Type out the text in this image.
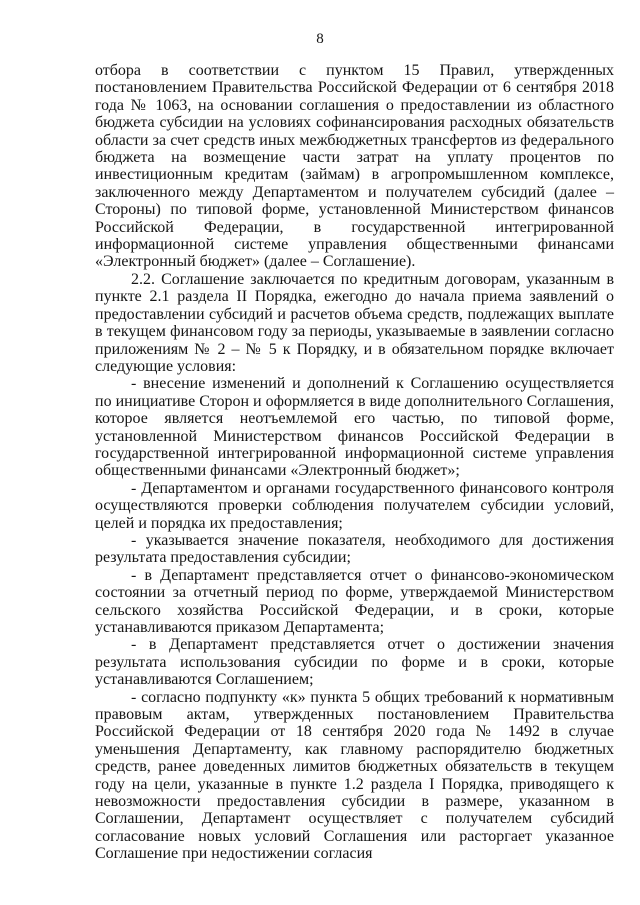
8

отбора в соответствии с пунктом 15 Правил, утвержденных постановлением Правительства Российской Федерации от 6 сентября 2018 года № 1063, на основании соглашения о предоставлении из областного бюджета субсидии на условиях софинансирования расходных обязательств области за счет средств иных межбюджетных трансфертов из федерального бюджета на возмещение части затрат на уплату процентов по инвестиционным кредитам (займам) в агропромышленном комплексе, заключенного между Департаментом и получателем субсидий (далее – Стороны) по типовой форме, установленной Министерством финансов Российской Федерации, в государственной интегрированной информационной системе управления общественными финансами «Электронный бюджет» (далее – Соглашение).

2.2. Соглашение заключается по кредитным договорам, указанным в пункте 2.1 раздела II Порядка, ежегодно до начала приема заявлений о предоставлении субсидий и расчетов объема средств, подлежащих выплате в текущем финансовом году за периоды, указываемые в заявлении согласно приложениям № 2 – № 5 к Порядку, и в обязательном порядке включает следующие условия:

- внесение изменений и дополнений к Соглашению осуществляется по инициативе Сторон и оформляется в виде дополнительного Соглашения, которое является неотъемлемой его частью, по типовой форме, установленной Министерством финансов Российской Федерации в государственной интегрированной информационной системе управления общественными финансами «Электронный бюджет»;

- Департаментом и органами государственного финансового контроля осуществляются проверки соблюдения получателем субсидии условий, целей и порядка их предоставления;

- указывается значение показателя, необходимого для достижения результата предоставления субсидии;

- в Департамент представляется отчет о финансово-экономическом состоянии за отчетный период по форме, утверждаемой Министерством сельского хозяйства Российской Федерации, и в сроки, которые устанавливаются приказом Департамента;

- в Департамент представляется отчет о достижении значения результата использования субсидии по форме и в сроки, которые устанавливаются Соглашением;

- согласно подпункту «к» пункта 5 общих требований к нормативным правовым актам, утвержденных постановлением Правительства Российской Федерации от 18 сентября 2020 года № 1492 в случае уменьшения Департаменту, как главному распорядителю бюджетных средств, ранее доведенных лимитов бюджетных обязательств в текущем году на цели, указанные в пункте 1.2 раздела I Порядка, приводящего к невозможности предоставления субсидии в размере, указанном в Соглашении, Департамент осуществляет с получателем субсидий согласование новых условий Соглашения или расторгает указанное Соглашение при недостижении согласия
